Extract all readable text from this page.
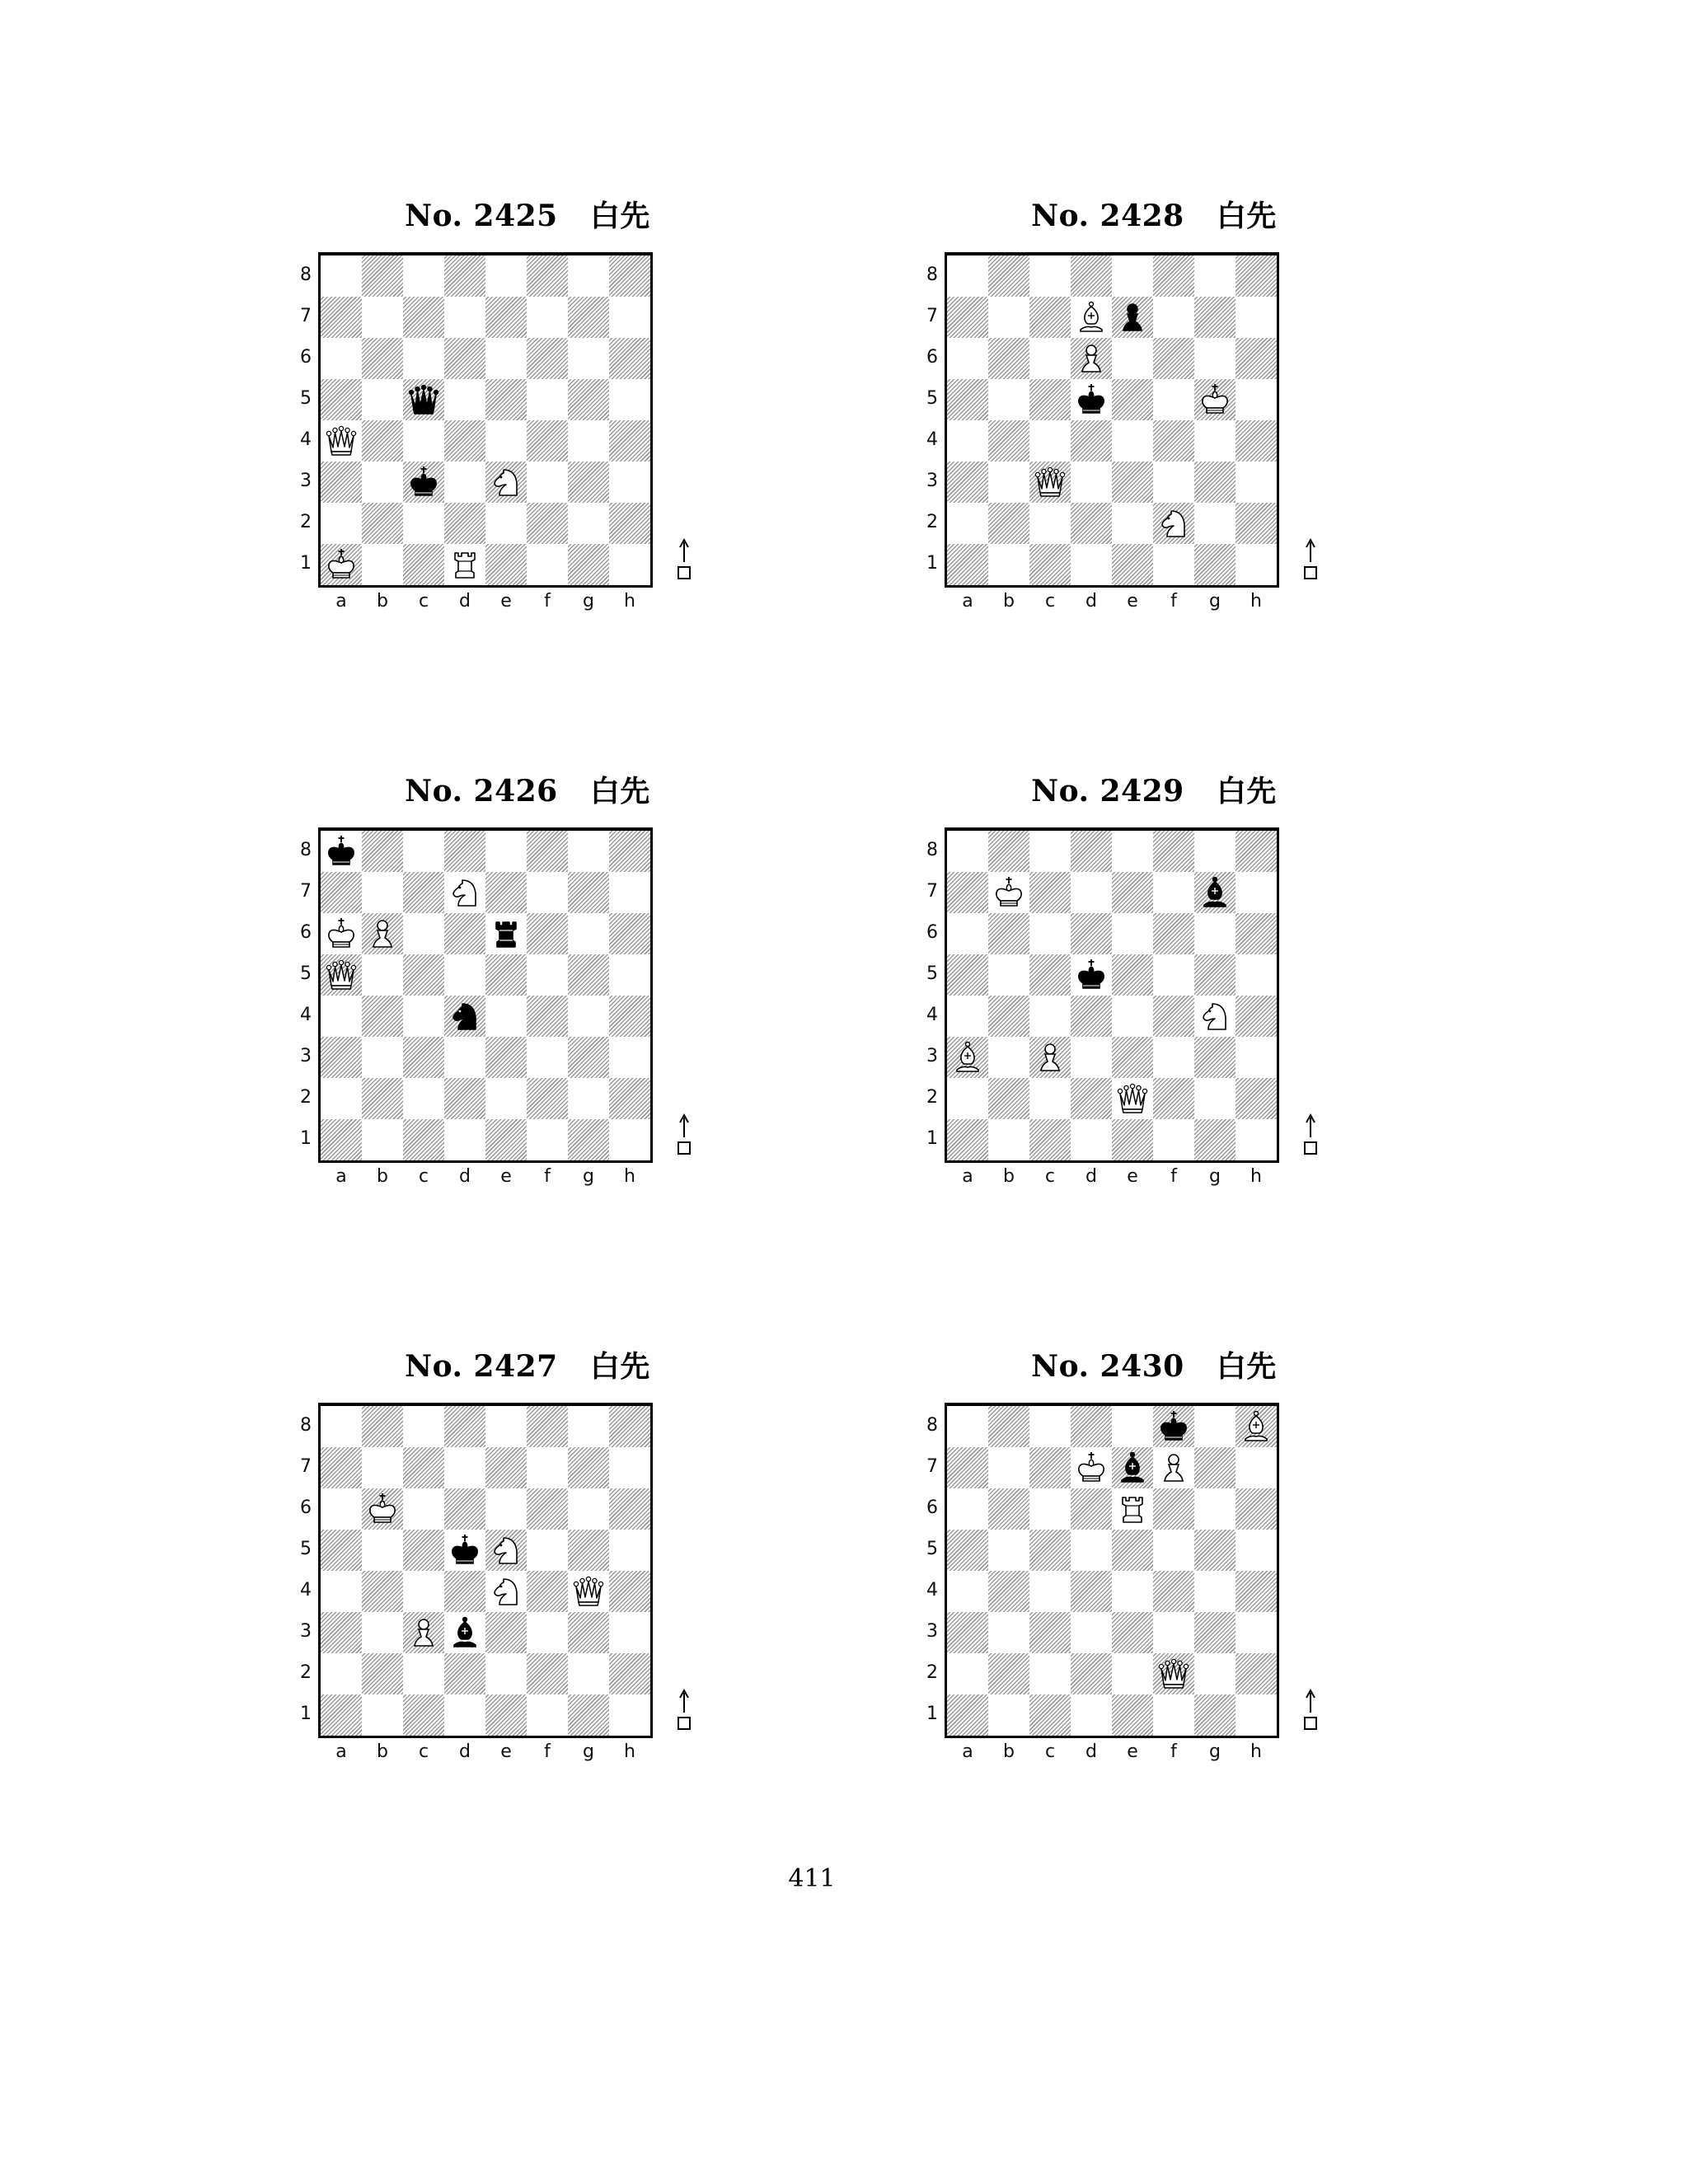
No. 2425   白先
8
7
6
5
4
3
2
1
a	b	c	d	e	f	g	h
No. 2428   白先
8
7
6
5
4
3
2
1
a	b	c	d	e	f	g	h
No. 2426   白先
8
7
6
5
4
3
2
1
a	b	c	d	e	f	g	h
No. 2429   白先
8
7
6
5
4
3
2
1
a	b	c	d	e	f	g	h
No. 2427   白先
8
7
6
5
4
3
2
1
a	b	c	d	e	f	g	h
No. 2430   白先
8
7
6
5
4
3
2
1
a	b	c	d	e	f	g	h
411
